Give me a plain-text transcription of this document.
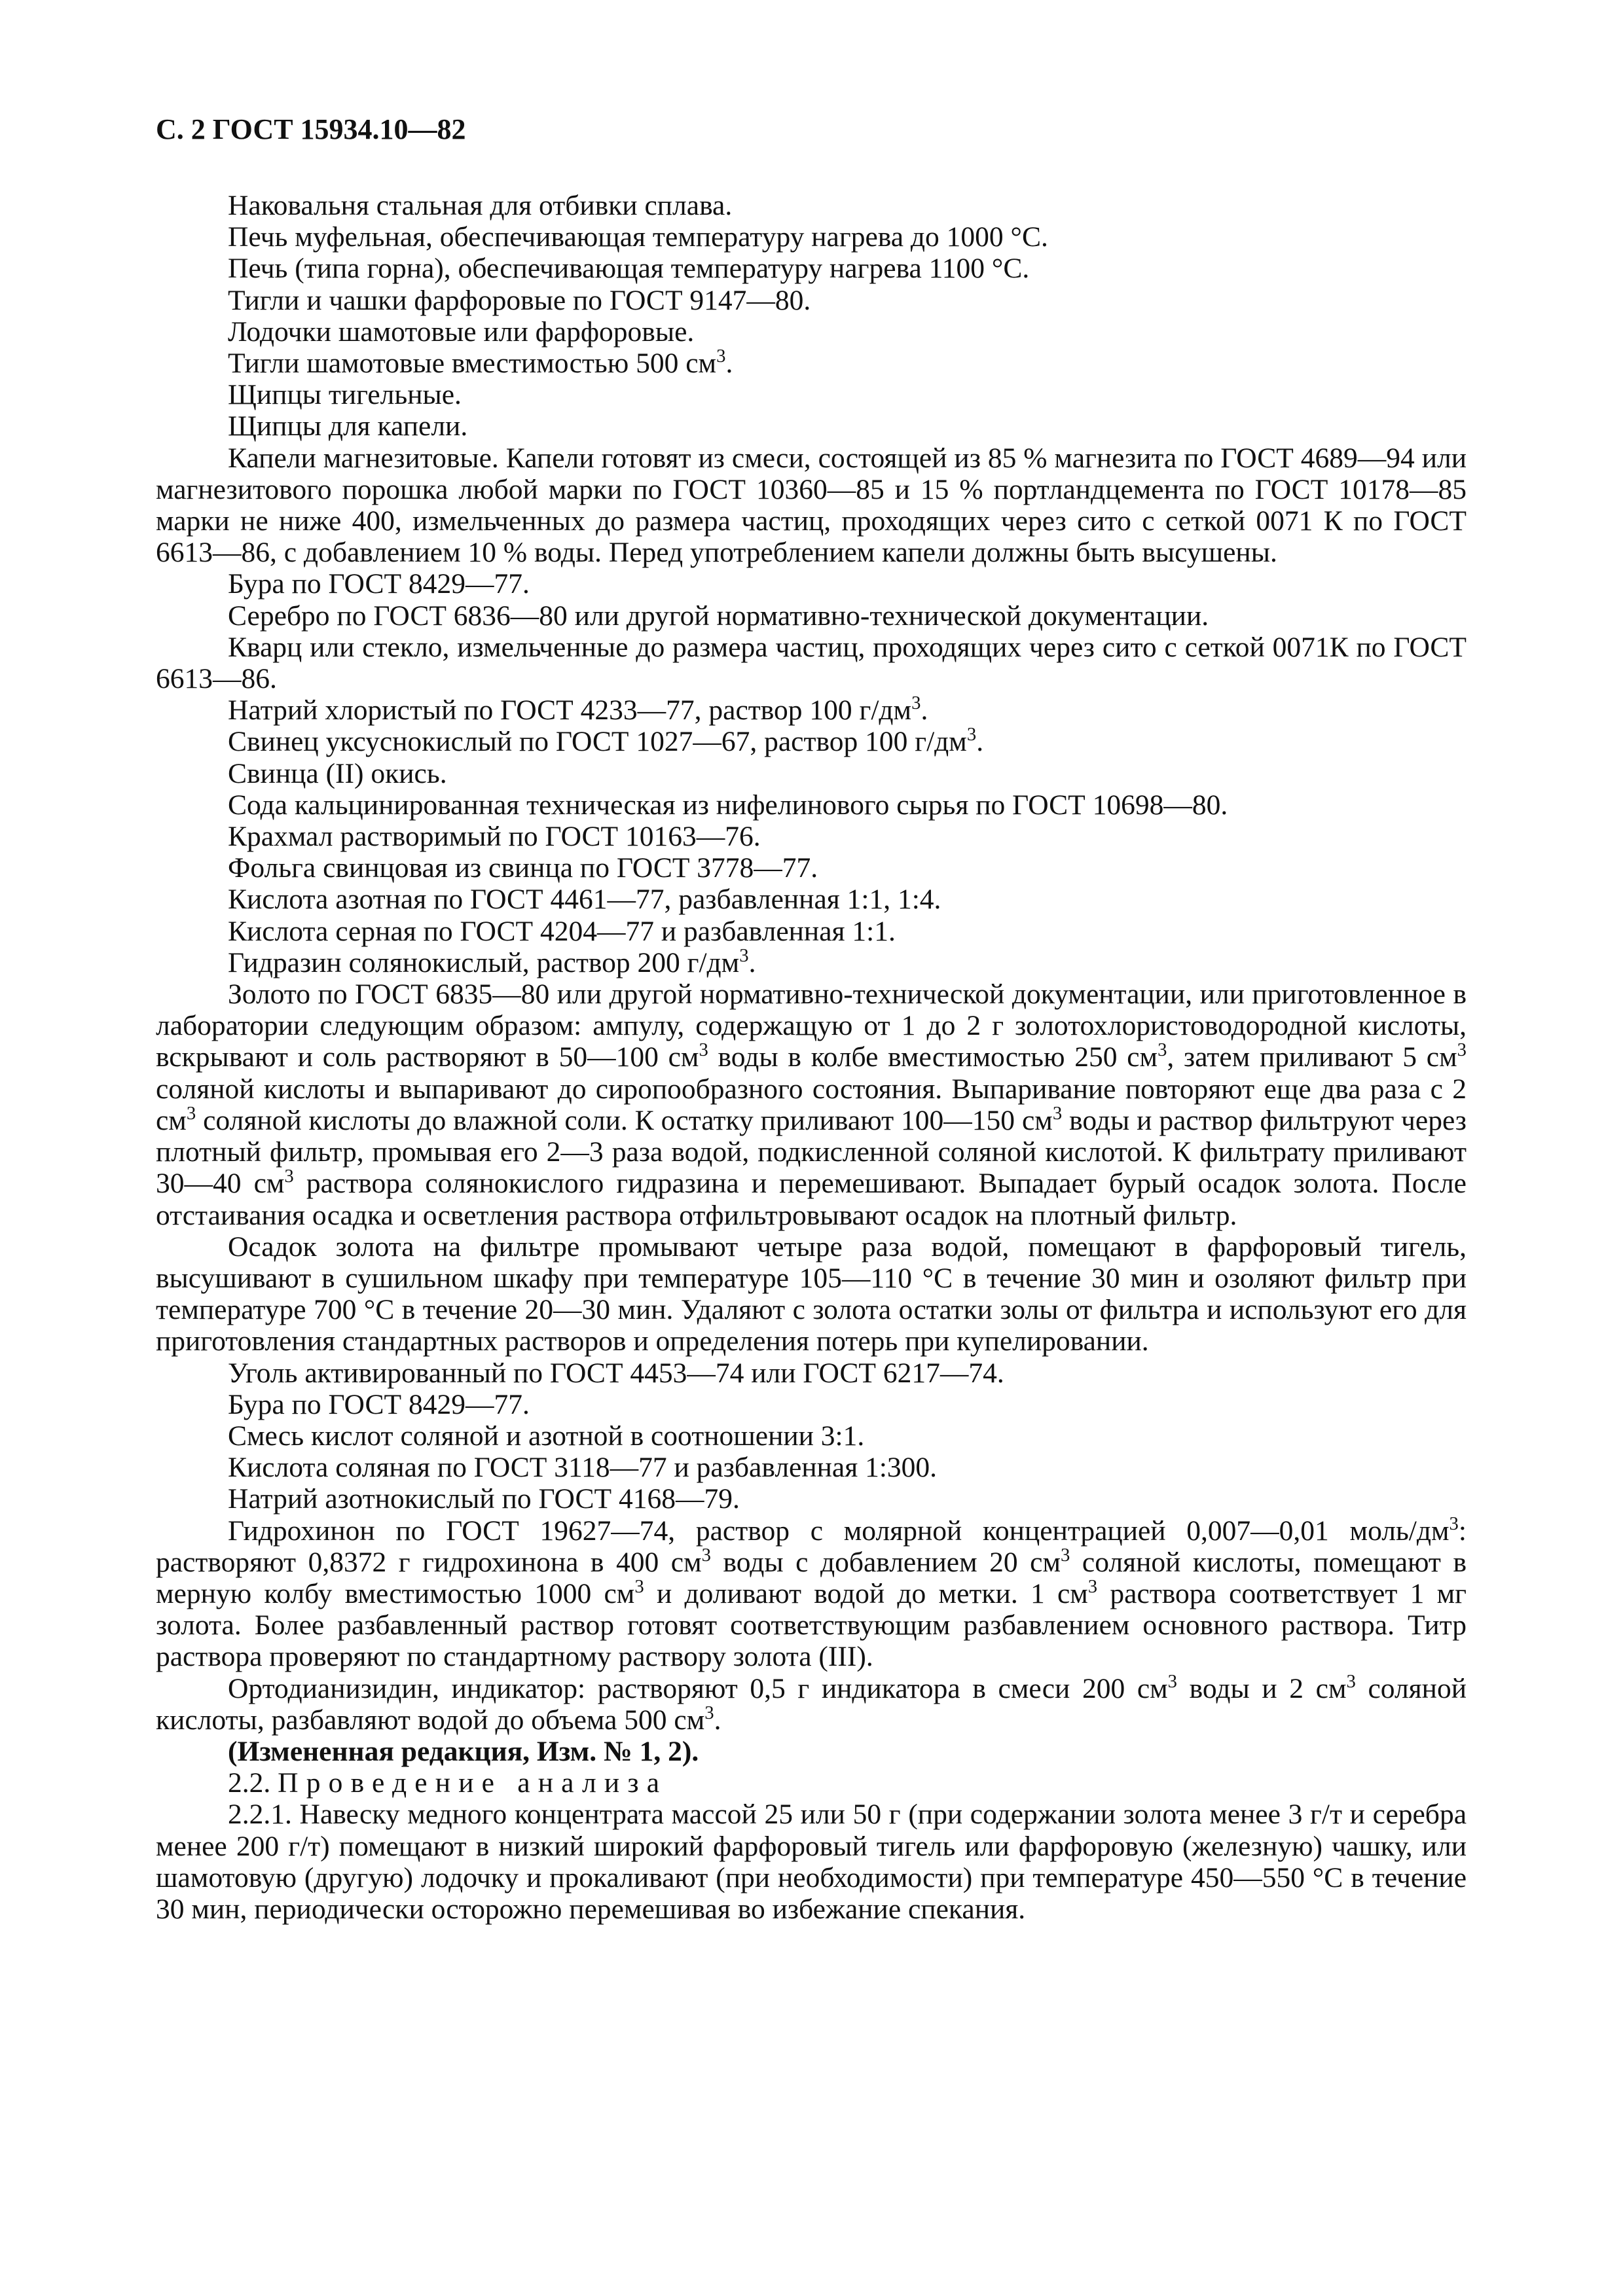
С. 2 ГОСТ 15934.10—82

Наковальня стальная для отбивки сплава.

Печь муфельная, обеспечивающая температуру нагрева до 1000 °С.

Печь (типа горна), обеспечивающая температуру нагрева 1100 °С.

Тигли и чашки фарфоровые по ГОСТ 9147—80.

Лодочки шамотовые или фарфоровые.

Тигли шамотовые вместимостью 500 $см^3$.

Щипцы тигельные.

Щипцы для капели.

Капели магнезитовые. Капели готовят из смеси, состоящей из 85 % магнезита по ГОСТ 4689—94 или магнезитового порошка любой марки по ГОСТ 10360—85 и 15 % портландцемента по ГОСТ 10178—85 марки не ниже 400, измельченных до размера частиц, проходящих через сито с сеткой 0071 К по ГОСТ 6613—86, с добавлением 10 % воды. Перед употреблением капели должны быть высушены.

Бура по ГОСТ 8429—77.

Серебро по ГОСТ 6836—80 или другой нормативно-технической документации.

Кварц или стекло, измельченные до размера частиц, проходящих через сито с сеткой 0071К по ГОСТ 6613—86.

Натрий хлористый по ГОСТ 4233—77, раствор 100 $г/дм^3$.

Свинец уксуснокислый по ГОСТ 1027—67, раствор 100 $г/дм^3$.

Свинца (II) окись.

Сода кальцинированная техническая из нифелинового сырья по ГОСТ 10698—80.

Крахмал растворимый по ГОСТ 10163—76.

Фольга свинцовая из свинца по ГОСТ 3778—77.

Кислота азотная по ГОСТ 4461—77, разбавленная 1:1, 1:4.

Кислота серная по ГОСТ 4204—77 и разбавленная 1:1.

Гидразин солянокислый, раствор 200 $г/дм^3$.

Золото по ГОСТ 6835—80 или другой нормативно-технической документации, или приготовленное в лаборатории следующим образом: ампулу, содержащую от 1 до 2 г золотохлористоводородной кислоты, вскрывают и соль растворяют в 50—100 $см^3$ воды в колбе вместимостью 250 $см^3$, затем приливают 5 $см^3$ соляной кислоты и выпаривают до сиропообразного состояния. Выпаривание повторяют еще два раза с 2 $см^3$ соляной кислоты до влажной соли. К остатку приливают 100—150 $см^3$ воды и раствор фильтруют через плотный фильтр, промывая его 2—3 раза водой, подкисленной соляной кислотой. К фильтрату приливают 30—40 $см^3$ раствора солянокислого гидразина и перемешивают. Выпадает бурый осадок золота. После отстаивания осадка и осветления раствора отфильтровывают осадок на плотный фильтр.

Осадок золота на фильтре промывают четыре раза водой, помещают в фарфоровый тигель, высушивают в сушильном шкафу при температуре 105—110 °С в течение 30 мин и озоляют фильтр при температуре 700 °С в течение 20—30 мин. Удаляют с золота остатки золы от фильтра и используют его для приготовления стандартных растворов и определения потерь при купелировании.

Уголь активированный по ГОСТ 4453—74 или ГОСТ 6217—74.

Бура по ГОСТ 8429—77.

Смесь кислот соляной и азотной в соотношении 3:1.

Кислота соляная по ГОСТ 3118—77 и разбавленная 1:300.

Натрий азотнокислый по ГОСТ 4168—79.

Гидрохинон по ГОСТ 19627—74, раствор с молярной концентрацией 0,007—0,01 моль/$дм^3$: растворяют 0,8372 г гидрохинона в 400 $см^3$ воды с добавлением 20 $см^3$ соляной кислоты, помещают в мерную колбу вместимостью 1000 $см^3$ и доливают водой до метки. 1 $см^3$ раствора соответствует 1 мг золота. Более разбавленный раствор готовят соответствующим разбавлением основного раствора. Титр раствора проверяют по стандартному раствору золота (III).

Ортодианизидин, индикатор: растворяют 0,5 г индикатора в смеси 200 $см^3$ воды и 2 $см^3$ соляной кислоты, разбавляют водой до объема 500 $см^3$.

(Измененная редакция, Изм. № 1, 2).

2.2. Проведение анализа

2.2.1. Навеску медного концентрата массой 25 или 50 г (при содержании золота менее 3 г/т и серебра менее 200 г/т) помещают в низкий широкий фарфоровый тигель или фарфоровую (железную) чашку, или шамотовую (другую) лодочку и прокаливают (при необходимости) при температуре 450—550 °С в течение 30 мин, периодически осторожно перемешивая во избежание спекания.
